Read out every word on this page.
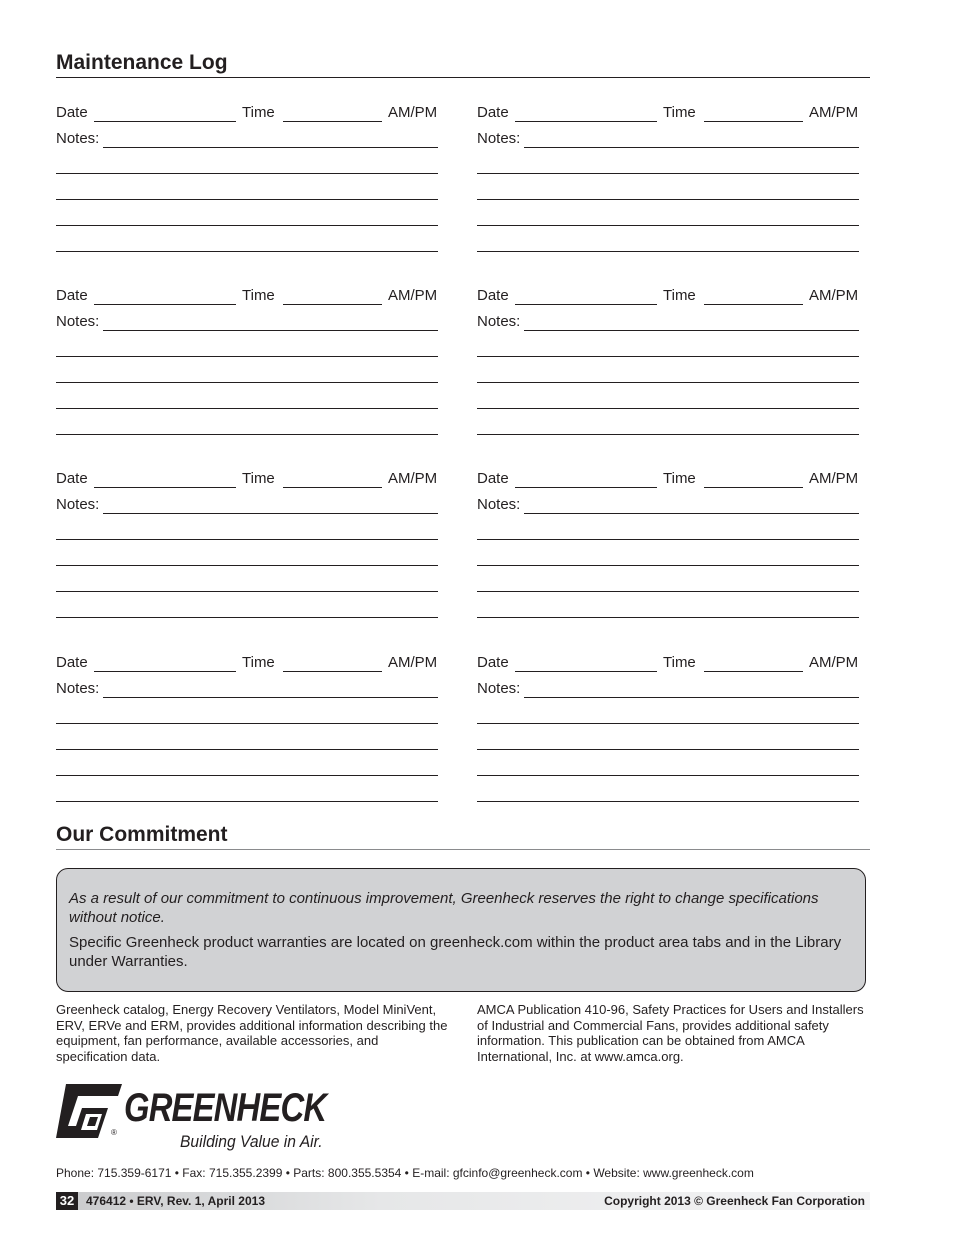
Maintenance Log
Date	Time	AM/PM
Notes:
Date	Time	AM/PM
Notes:
Date	Time	AM/PM
Notes:
Date	Time	AM/PM
Notes:
Date	Time	AM/PM
Notes:
Date	Time	AM/PM
Notes:
Date	Time	AM/PM
Notes:
Date	Time	AM/PM
Notes:
Our Commitment

As a result of our commitment to continuous improvement, Greenheck reserves the right to change specifications without notice.

Specific Greenheck product warranties are located on greenheck.com within the product area tabs and in the Library under Warranties.

Greenheck catalog, Energy Recovery Ventilators, Model MiniVent, ERV, ERVe and ERM, provides additional information describing the equipment, fan performance, available accessories, and specification data.
AMCA Publication 410-96, Safety Practices for Users and Installers of Industrial and Commercial Fans, provides additional safety information. This publication can be obtained from AMCA International, Inc. at www.amca.org.
®
GREENHECK
Building Value in Air.
Phone: 715.359-6171 • Fax: 715.355.2399 • Parts: 800.355.5354 • E-mail: gfcinfo@greenheck.com • Website: www.greenheck.com
32 476412 • ERV, Rev. 1, April 2013	Copyright 2013 © Greenheck Fan Corporation
